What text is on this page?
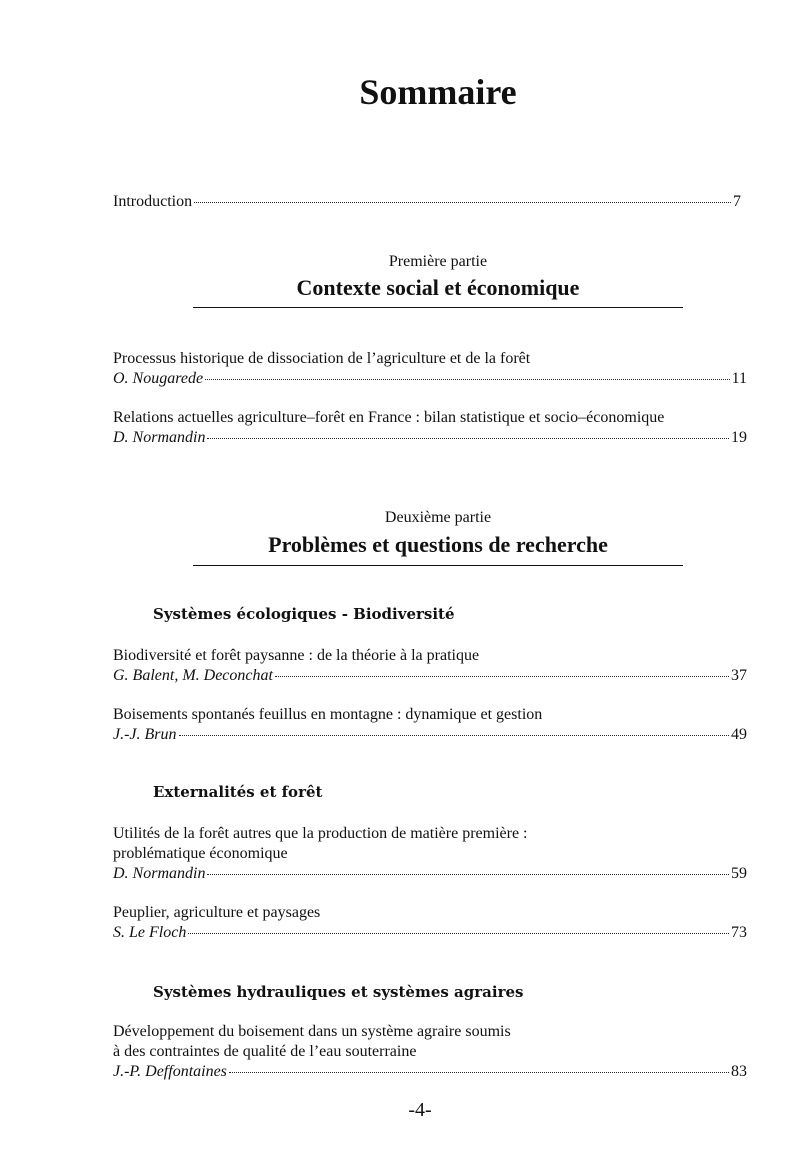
Sommaire
Introduction	7
Première partie
Contexte social et économique
Processus historique de dissociation de l’agriculture et de la forêt
O. Nougarede	11
Relations actuelles agriculture–forêt en France : bilan statistique et socio–économique
D. Normandin	19
Deuxième partie
Problèmes et questions de recherche
Systèmes écologiques - Biodiversité
Biodiversité et forêt paysanne : de la théorie à la pratique
G. Balent, M. Deconchat	37
Boisements spontanés feuillus en montagne : dynamique et gestion
J.-J. Brun	49
Externalités et forêt
Utilités de la forêt autres que la production de matière première :
problématique économique
D. Normandin	59
Peuplier, agriculture et paysages
S. Le Floch	73
Systèmes hydrauliques et systèmes agraires
Développement du boisement dans un système agraire soumis
à des contraintes de qualité de l’eau souterraine
J.-P. Deffontaines	83
-4-
